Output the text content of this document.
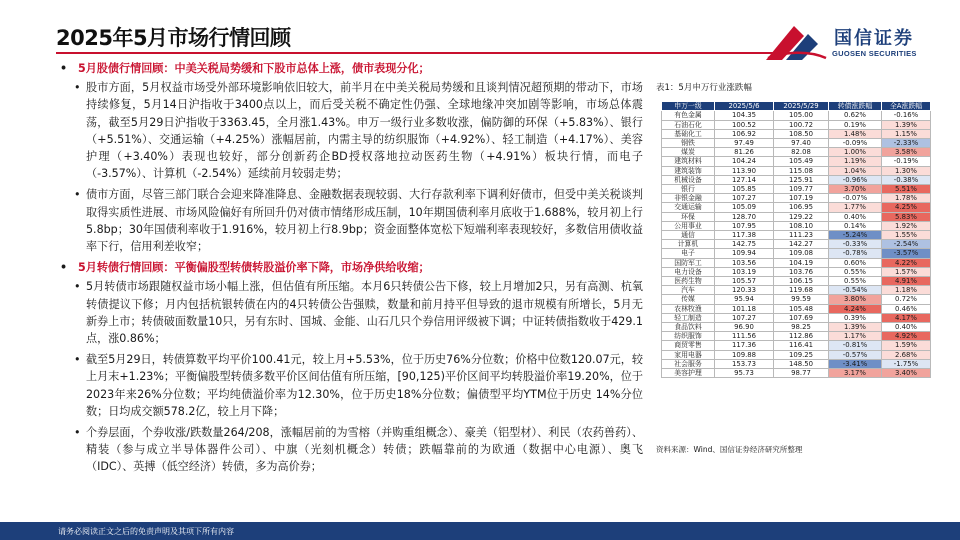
2025年5月市场行情回顾	国信证券
GUOSEN SECURITIES
• 5月股债行情回顾：中美关税局势缓和下股市总体上涨，债市表现分化；
• 股市方面，5月权益市场受外部环境影响依旧较大，前半月在中美关税局势缓和且谈判情况超预期的带动下，市场持续修复，5月14日沪指收于3400点以上，而后受关税不确定性仍强、全球地缘冲突加剧等影响，市场总体震荡，截至5月29日沪指收于3363.45，全月涨1.43%。申万一级行业多数收涨，偏防御的环保（+5.83%）、银行（+5.51%）、交通运输（+4.25%）涨幅居前，内需主导的纺织服饰（+4.92%）、轻工制造（+4.17%）、美容护理（+3.40%）表现也较好，部分创新药企BD授权落地拉动医药生物（+4.91%）板块行情，而电子（-3.57%）、计算机（-2.54%）延续前月较弱走势；
• 债市方面，尽管三部门联合会迎来降准降息、金融数据表现较弱、大行存款利率下调利好债市，但受中美关税谈判取得实质性进展、市场风险偏好有所回升仍对债市情绪形成压制，10年期国债利率月底收于1.688%，较月初上行5.8bp；30年国债利率收于1.916%，较月初上行8.9bp；资金面整体宽松下短端利率表现较好，多数信用债收益率下行，信用利差收窄；
• 5月转债行情回顾：平衡偏股型转债转股溢价率下降，市场净供给收缩；
• 5月转债市场跟随权益市场小幅上涨，但估值有所压缩。本月6只转债公告下修，较上月增加2只，另有高测、杭氧转债提议下修；月内包括杭银转债在内的4只转债公告强赎，数量和前月持平但导致的退市规模有所增长，5月无新券上市；转债破面数量10只，另有东时、国城、金能、山石几只个券信用评级被下调；中证转债指数收于429.1点，涨0.86%；
• 截至5月29日，转债算数平均平价100.41元，较上月+5.53%，位于历史76%分位数；价格中位数120.07元，较上月末+1.23%；平衡偏股型转债多数平价区间估值有所压缩，[90,125)平价区间平均转股溢价率19.20%，位于2023年来26%分位数；平均纯债溢价率为12.30%，位于历史18%分位数；偏债型平均YTM位于历史 14%分位数；日均成交额578.2亿，较上月下降；
• 个券层面，个券收涨/跌数量264/208，涨幅居前的为雪榕（并购重组概念）、豪美（铝型材）、利民（农药兽药）、精装（参与成立半导体器件公司）、中旗（光刻机概念）转债；跌幅靠前的为欧通（数据中心电源）、奥飞（IDC）、英搏（低空经济）转债，多为高价券；
表1：5月申万行业涨跌幅
申万一级	2025/5/6	2025/5/29	转债涨跌幅	全A涨跌幅
有色金属	104.35	105.00	0.62%	-0.16%
石油石化	100.52	100.72	0.19%	1.39%
基础化工	106.92	108.50	1.48%	1.15%
钢铁	97.49	97.40	-0.09%	-2.33%
煤炭	81.26	82.08	1.00%	3.58%
建筑材料	104.24	105.49	1.19%	-0.19%
建筑装饰	113.90	115.08	1.04%	1.30%
机械设备	127.14	125.91	-0.96%	-0.38%
银行	105.85	109.77	3.70%	5.51%
非银金融	107.27	107.19	-0.07%	1.78%
交通运输	105.09	106.95	1.77%	4.25%
环保	128.70	129.22	0.40%	5.83%
公用事业	107.95	108.10	0.14%	1.92%
通信	117.38	111.23	-5.24%	1.55%
计算机	142.75	142.27	-0.33%	-2.54%
电子	109.94	109.08	-0.78%	-3.57%
国防军工	103.56	104.19	0.60%	4.22%
电力设备	103.19	103.76	0.55%	1.57%
医药生物	105.57	106.15	0.55%	4.91%
汽车	120.33	119.68	-0.54%	1.18%
传媒	95.94	99.59	3.80%	0.72%
农林牧渔	101.18	105.48	4.24%	0.46%
轻工制造	107.27	107.69	0.39%	4.17%
食品饮料	96.90	98.25	1.39%	0.40%
纺织服饰	111.56	112.86	1.17%	4.92%
商贸零售	117.36	116.41	-0.81%	1.59%
家用电器	109.88	109.25	-0.57%	2.68%
社会服务	153.73	148.50	-3.41%	-1.75%
美容护理	95.73	98.77	3.17%	3.40%
资料来源：Wind、国信证券经济研究所整理
请务必阅读正文之后的免责声明及其项下所有内容
